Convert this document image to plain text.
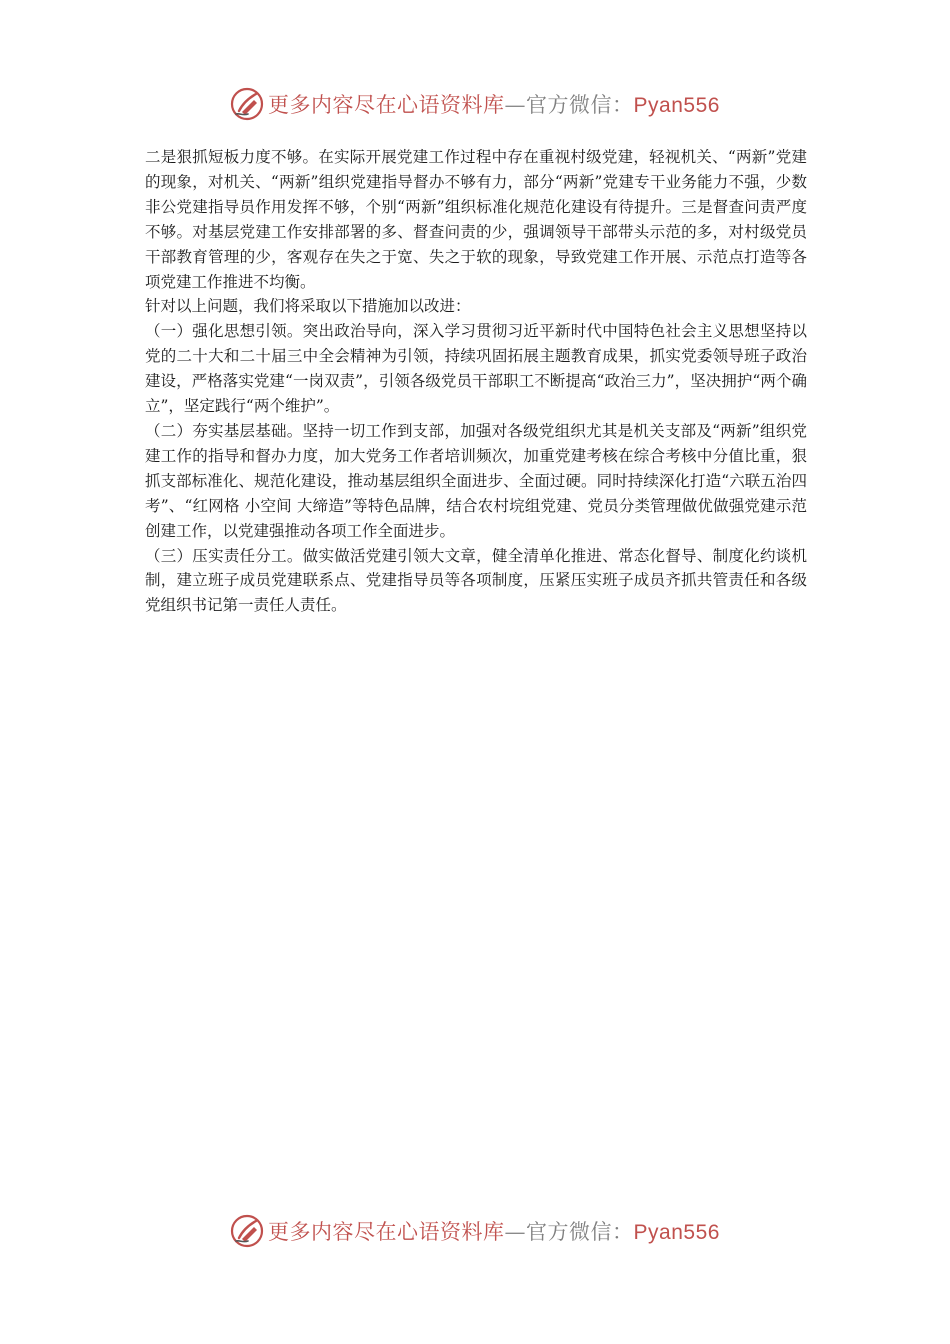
更多内容尽在心语资料库—官方微信：Pyan556

二是狠抓短板力度不够。在实际开展党建工作过程中存在重视村级党建，轻视机关、“两新”党建的现象，对机关、“两新”组织党建指导督办不够有力，部分“两新”党建专干业务能力不强，少数非公党建指导员作用发挥不够，个别“两新”组织标准化规范化建设有待提升。三是督查问责严度不够。对基层党建工作安排部署的多、督查问责的少，强调领导干部带头示范的多，对村级党员干部教育管理的少，客观存在失之于宽、失之于软的现象，导致党建工作开展、示范点打造等各项党建工作推进不均衡。

针对以上问题，我们将采取以下措施加以改进：

（一）强化思想引领。突出政治导向，深入学习贯彻习近平新时代中国特色社会主义思想坚持以党的二十大和二十届三中全会精神为引领，持续巩固拓展主题教育成果，抓实党委领导班子政治建设，严格落实党建“一岗双责”，引领各级党员干部职工不断提高“政治三力”，坚决拥护“两个确立”，坚定践行“两个维护”。

（二）夯实基层基础。坚持一切工作到支部，加强对各级党组织尤其是机关支部及“两新”组织党建工作的指导和督办力度，加大党务工作者培训频次，加重党建考核在综合考核中分值比重，狠抓支部标准化、规范化建设，推动基层组织全面进步、全面过硬。同时持续深化打造“六联五治四考”、“红网格 小空间 大缔造”等特色品牌，结合农村垸组党建、党员分类管理做优做强党建示范创建工作，以党建强推动各项工作全面进步。

（三）压实责任分工。做实做活党建引领大文章，健全清单化推进、常态化督导、制度化约谈机制，建立班子成员党建联系点、党建指导员等各项制度，压紧压实班子成员齐抓共管责任和各级党组织书记第一责任人责任。

更多内容尽在心语资料库—官方微信：Pyan556
